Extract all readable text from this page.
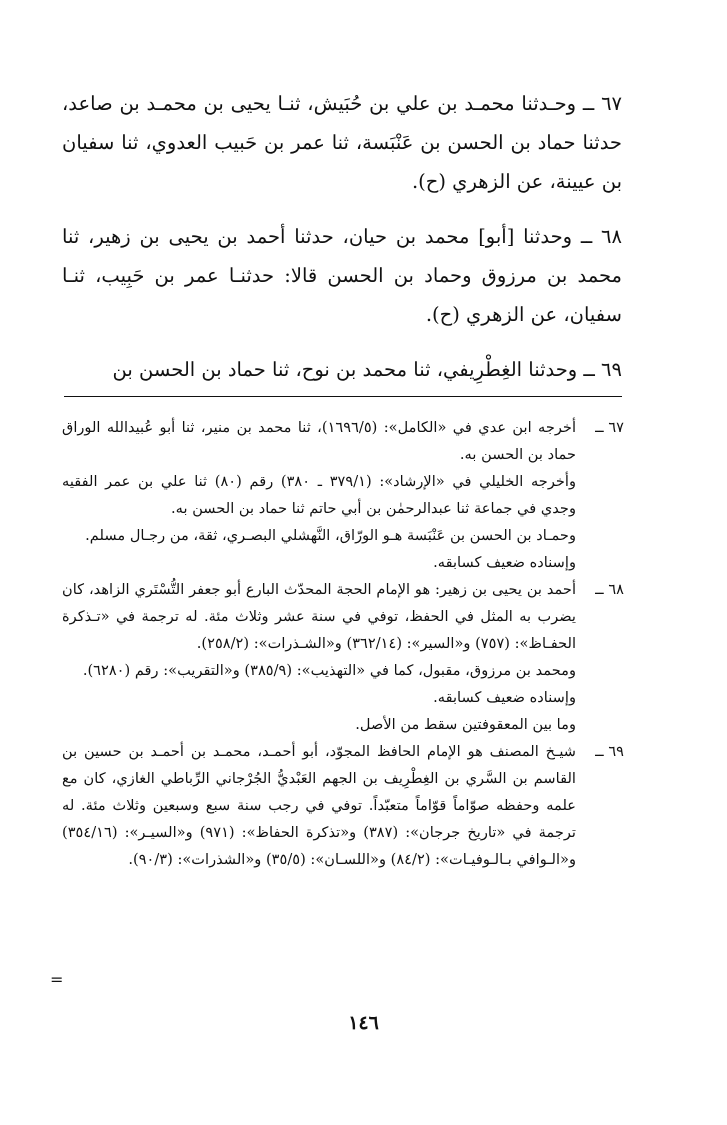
٦٧ ــ وحـدثنا محمـد بن علي بن حُبَيش، ثنـا يحيى بن محمـد بن صاعد، حدثنا حماد بن الحسن بن عَنْبَسة، ثنا عمر بن حَبيب العدوي، ثنا سفيان بن عيينة، عن الزهري (ح).

٦٨ ــ وحدثنا [أبو] محمد بن حيان، حدثنا أحمد بن يحيى بن زهير، ثنا محمد بن مرزوق وحماد بن الحسن قالا: حدثنـا عمر بن حَبِيب، ثنـا سفيان، عن الزهري (ح).

٦٩ ــ وحدثنا الغِطْرِيفي، ثنا محمد بن نوح، ثنا حماد بن الحسن بن

٦٧ ــ
أخرجه ابن عدي في «الكامل»: (١٦٩٦/٥)، ثنا محمد بن منير، ثنا أبو عُبيدالله الوراق حماد بن الحسن به.
وأخرجه الخليلي في «الإرشاد»: (٣٧٩/١ ـ ٣٨٠) رقم (٨٠) ثنا علي بن عمر الفقيه وجدي في جماعة ثنا عبدالرحمٰن بن أبي حاتم ثنا حماد بن الحسن به.
وحمـاد بن الحسن بن عَنْبَسة هـو الورّاق، النَّهشلي البصـري، ثقة، من رجـال مسلم.
وإسناده ضعيف كسابقه.
٦٨ ــ
أحمد بن يحيى بن زهير: هو الإمام الحجة المحدّث البارع أبو جعفر التُّسْتَري الزاهد، كان يضرب به المثل في الحفظ، توفي في سنة عشر وثلاث مئة. له ترجمة في «تـذكرة الحفـاظ»: (٧٥٧) و«السير»: (٣٦٢/١٤) و«الشـذرات»: (٢٥٨/٢).
ومحمد بن مرزوق، مقبول، كما في «التهذيب»: (٣٨٥/٩) و«التقريب»: رقم (٦٢٨٠).
وإسناده ضعيف كسابقه.
وما بين المعقوفتين سقط من الأصل.
٦٩ ــ
شيـخ المصنف هو الإمام الحافظ المجوّد، أبو أحمـد، محمـد بن أحمـد بن حسين بن القاسم بن السَّري بن الغِطْرِيف بن الجهم العَبْديُّ الجُرْجاني الرِّباطي الغازي، كان مع علمه وحفظه صوّاماً قوّاماً متعبّداً. توفي في رجب سنة سبع وسبعين وثلاث مئة. له ترجمة في «تاريخ جرجان»: (٣٨٧) و«تذكرة الحفاظ»: (٩٧١) و«السيـر»: (٣٥٤/١٦) و«الـوافي بـالـوفيـات»: (٨٤/٢) و«اللسـان»: (٣٥/٥) و«الشذرات»: (٩٠/٣).
=
١٤٦
